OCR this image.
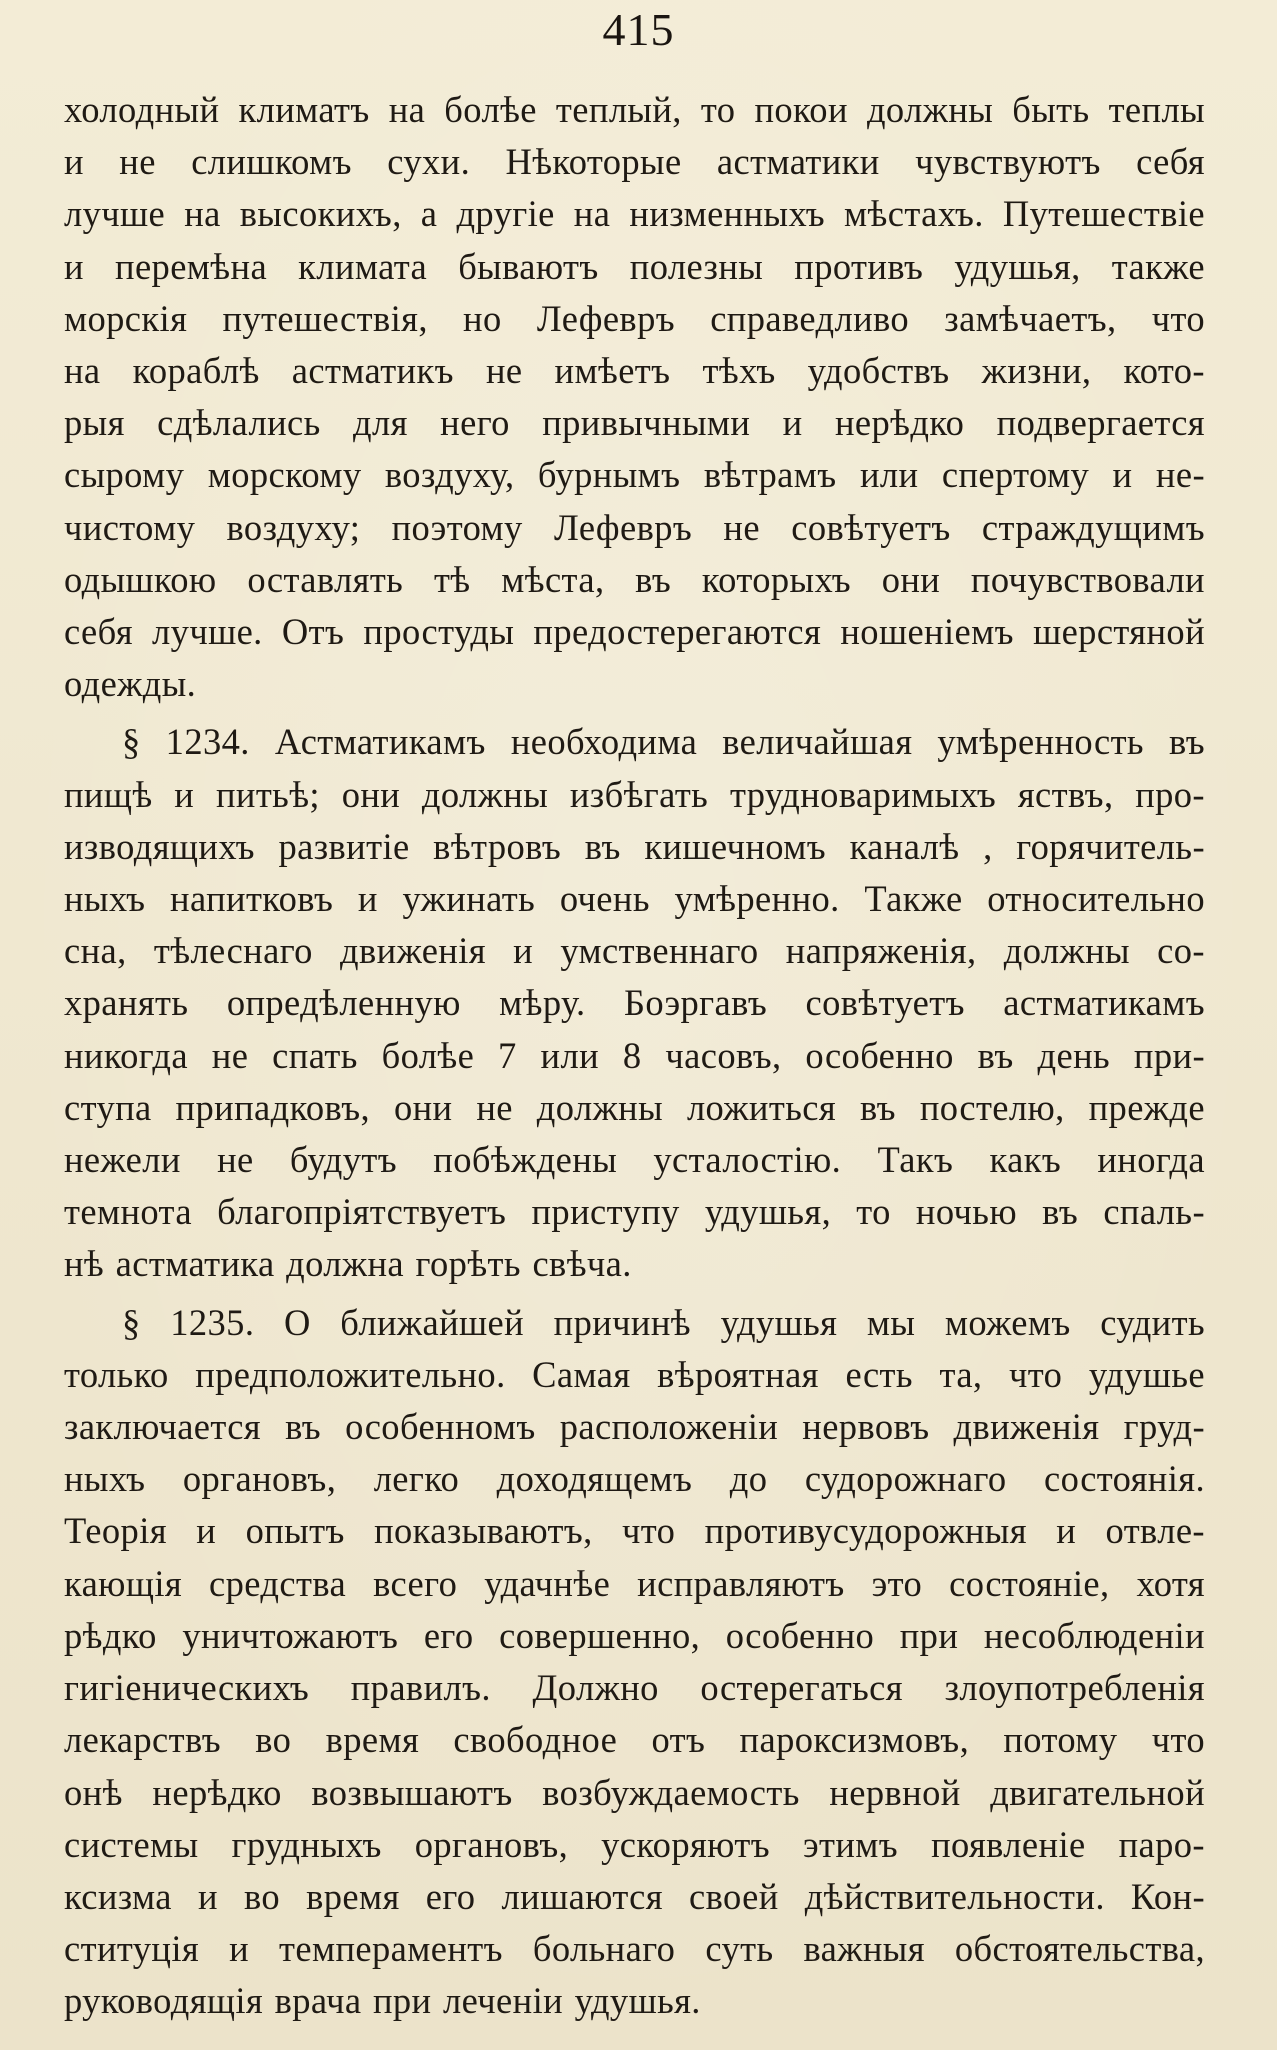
415
холодный климатъ на болѣе теплый, то покои должны быть теплы
и не слишкомъ сухи. Нѣкоторые астматики чувствуютъ себя
лучше на высокихъ, а другіе на низменныхъ мѣстахъ. Путешествіе
и перемѣна климата бываютъ полезны противъ удушья, также
морскія путешествія, но Лефевръ справедливо замѣчаетъ, что
на кораблѣ астматикъ не имѣетъ тѣхъ удобствъ жизни, кото-
рыя сдѣлались для него привычными и нерѣдко подвергается
сырому морскому воздуху, бурнымъ вѣтрамъ или спертому и не-
чистому воздуху; поэтому Лефевръ не совѣтуетъ страждущимъ
одышкою оставлять тѣ мѣста, въ которыхъ они почувствовали
себя лучше. Отъ простуды предостерегаются ношеніемъ шерстяной
одежды.
§ 1234. Астматикамъ необходима величайшая умѣренность въ
пищѣ и питьѣ; они должны избѣгать трудноваримыхъ яствъ, про-
изводящихъ развитіе вѣтровъ въ кишечномъ каналѣ , горячитель-
ныхъ напитковъ и ужинать очень умѣренно. Также относительно
сна, тѣлеснаго движенія и умственнаго напряженія, должны со-
хранять опредѣленную мѣру. Боэргавъ совѣтуетъ астматикамъ
никогда не спать болѣе 7 или 8 часовъ, особенно въ день при-
ступа припадковъ, они не должны ложиться въ постелю, прежде
нежели не будутъ побѣждены усталостію. Такъ какъ иногда
темнота благопріятствуетъ приступу удушья, то ночью въ спаль-
нѣ астматика должна горѣть свѣча.
§ 1235. О ближайшей причинѣ удушья мы можемъ судить
только предположительно. Самая вѣроятная есть та, что удушье
заключается въ особенномъ расположеніи нервовъ движенія груд-
ныхъ органовъ, легко доходящемъ до судорожнаго состоянія.
Теорія и опытъ показываютъ, что противусудорожныя и отвле-
кающія средства всего удачнѣе исправляютъ это состояніе, хотя
рѣдко уничтожаютъ его совершенно, особенно при несоблюденіи
гигіеническихъ правилъ. Должно остерегаться злоупотребленія
лекарствъ во время свободное отъ пароксизмовъ, потому что
онѣ нерѣдко возвышаютъ возбуждаемость нервной двигательной
системы грудныхъ органовъ, ускоряютъ этимъ появленіе паро-
ксизма и во время его лишаются своей дѣйствительности. Кон-
ституція и темпераментъ больнаго суть важныя обстоятельства,
руководящія врача при леченіи удушья.
